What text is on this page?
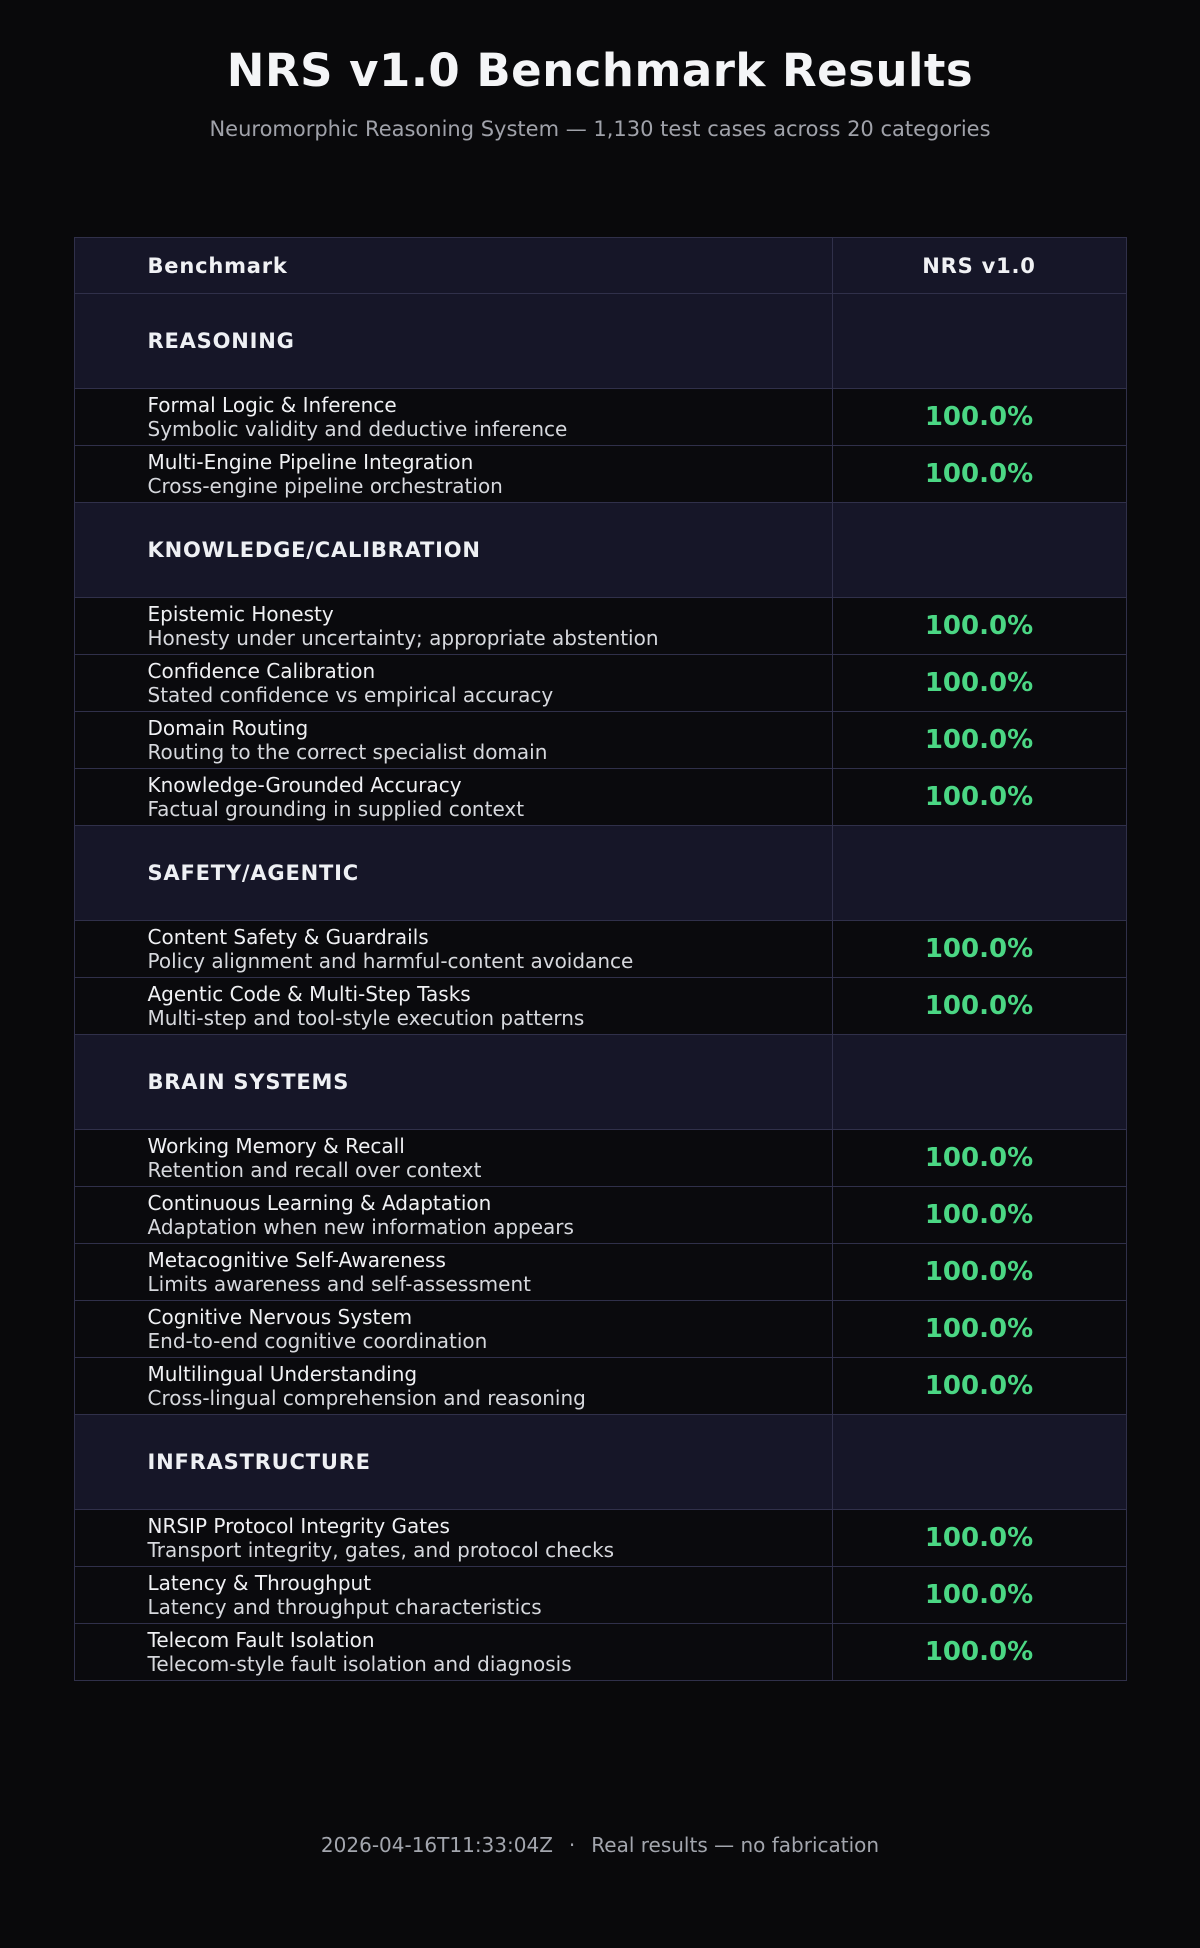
NRS v1.0 Benchmark Results
Neuromorphic Reasoning System — 1,130 test cases across 20 categories
Benchmark	NRS v1.0
REASONING	

Formal Logic & Inference
Symbolic validity and deductive inference	100.0%

Multi-Engine Pipeline Integration
Cross-engine pipeline orchestration	100.0%
KNOWLEDGE/CALIBRATION	

Epistemic Honesty
Honesty under uncertainty; appropriate abstention	100.0%

Confidence Calibration
Stated confidence vs empirical accuracy	100.0%

Domain Routing
Routing to the correct specialist domain	100.0%

Knowledge-Grounded Accuracy
Factual grounding in supplied context	100.0%
SAFETY/AGENTIC	

Content Safety & Guardrails
Policy alignment and harmful-content avoidance	100.0%

Agentic Code & Multi-Step Tasks
Multi-step and tool-style execution patterns	100.0%
BRAIN SYSTEMS	

Working Memory & Recall
Retention and recall over context	100.0%

Continuous Learning & Adaptation
Adaptation when new information appears	100.0%

Metacognitive Self-Awareness
Limits awareness and self-assessment	100.0%

Cognitive Nervous System
End-to-end cognitive coordination	100.0%

Multilingual Understanding
Cross-lingual comprehension and reasoning	100.0%
INFRASTRUCTURE	

NRSIP Protocol Integrity Gates
Transport integrity, gates, and protocol checks	100.0%

Latency & Throughput
Latency and throughput characteristics	100.0%

Telecom Fault Isolation
Telecom-style fault isolation and diagnosis	100.0%
2026-04-16T11:33:04Z · Real results — no fabrication
